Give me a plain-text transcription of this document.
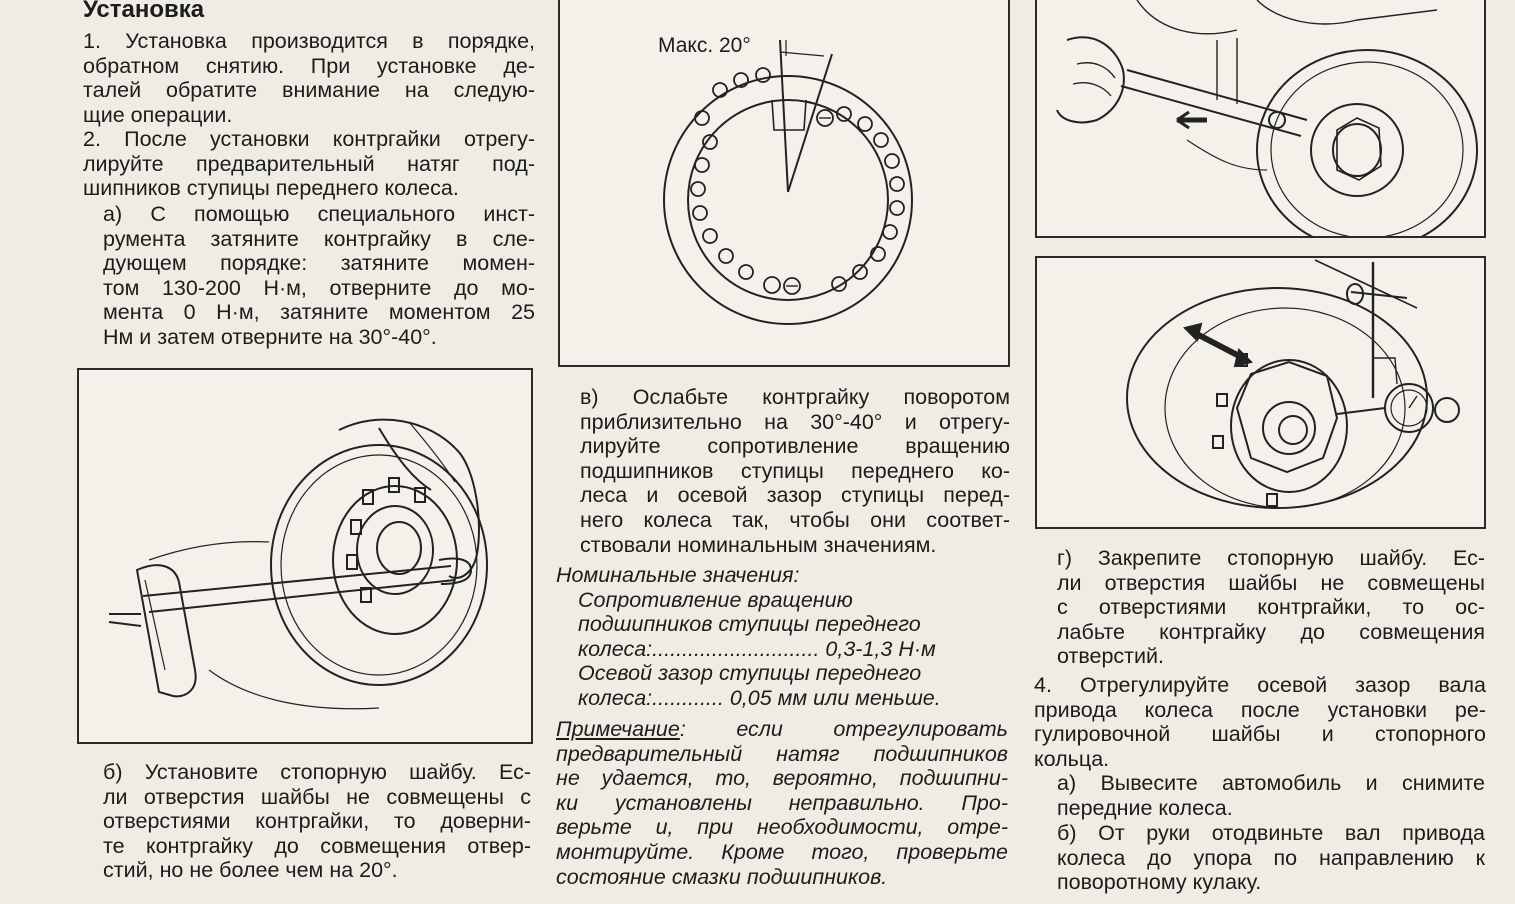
Установка

1. Установка производится в порядке,

обратном снятию. При установке де-

талей обратите внимание на следую-

щие операции.

2. После установки контргайки отрегу-

лируйте предварительный натяг под-

шипников ступицы переднего колеса.

а) С помощью специального инст-

румента затяните контргайку в сле-

дующем порядке: затяните момен-

том 130-200 Н·м, отверните до мо-

мента 0 Н·м, затяните моментом 25

Нм и затем отверните на 30°-40°.

б) Установите стопорную шайбу. Ес-

ли отверстия шайбы не совмещены с

отверстиями контргайки, то доверни-

те контргайку до совмещения отвер-

стий, но не более чем на 20°.

Макс. 20°

в) Ослабьте контргайку поворотом

приблизительно на 30°-40° и отрегу-

лируйте сопротивление вращению

подшипников ступицы переднего ко-

леса и осевой зазор ступицы перед-

него колеса так, чтобы они соответ-

ствовали номинальным значениям.

Номинальные значения:

Сопротивление вращению

подшипников ступицы переднего

колеса:............................ 0,3-1,3 Н·м

Осевой зазор ступицы переднего

колеса:............ 0,05 мм или меньше.

Примечание: если отрегулировать

предварительный натяг подшипников

не удается, то, вероятно, подшипни-

ки установлены неправильно. Про-

верьте и, при необходимости, отре-

монтируйте. Кроме того, проверьте

состояние смазки подшипников.

г) Закрепите стопорную шайбу. Ес-

ли отверстия шайбы не совмещены

с отверстиями контргайки, то ос-

лабьте контргайку до совмещения

отверстий.

4. Отрегулируйте осевой зазор вала

привода колеса после установки ре-

гулировочной шайбы и стопорного

кольца.

а) Вывесите автомобиль и снимите

передние колеса.

б) От руки отодвиньте вал привода

колеса до упора по направлению к

поворотному кулаку.
